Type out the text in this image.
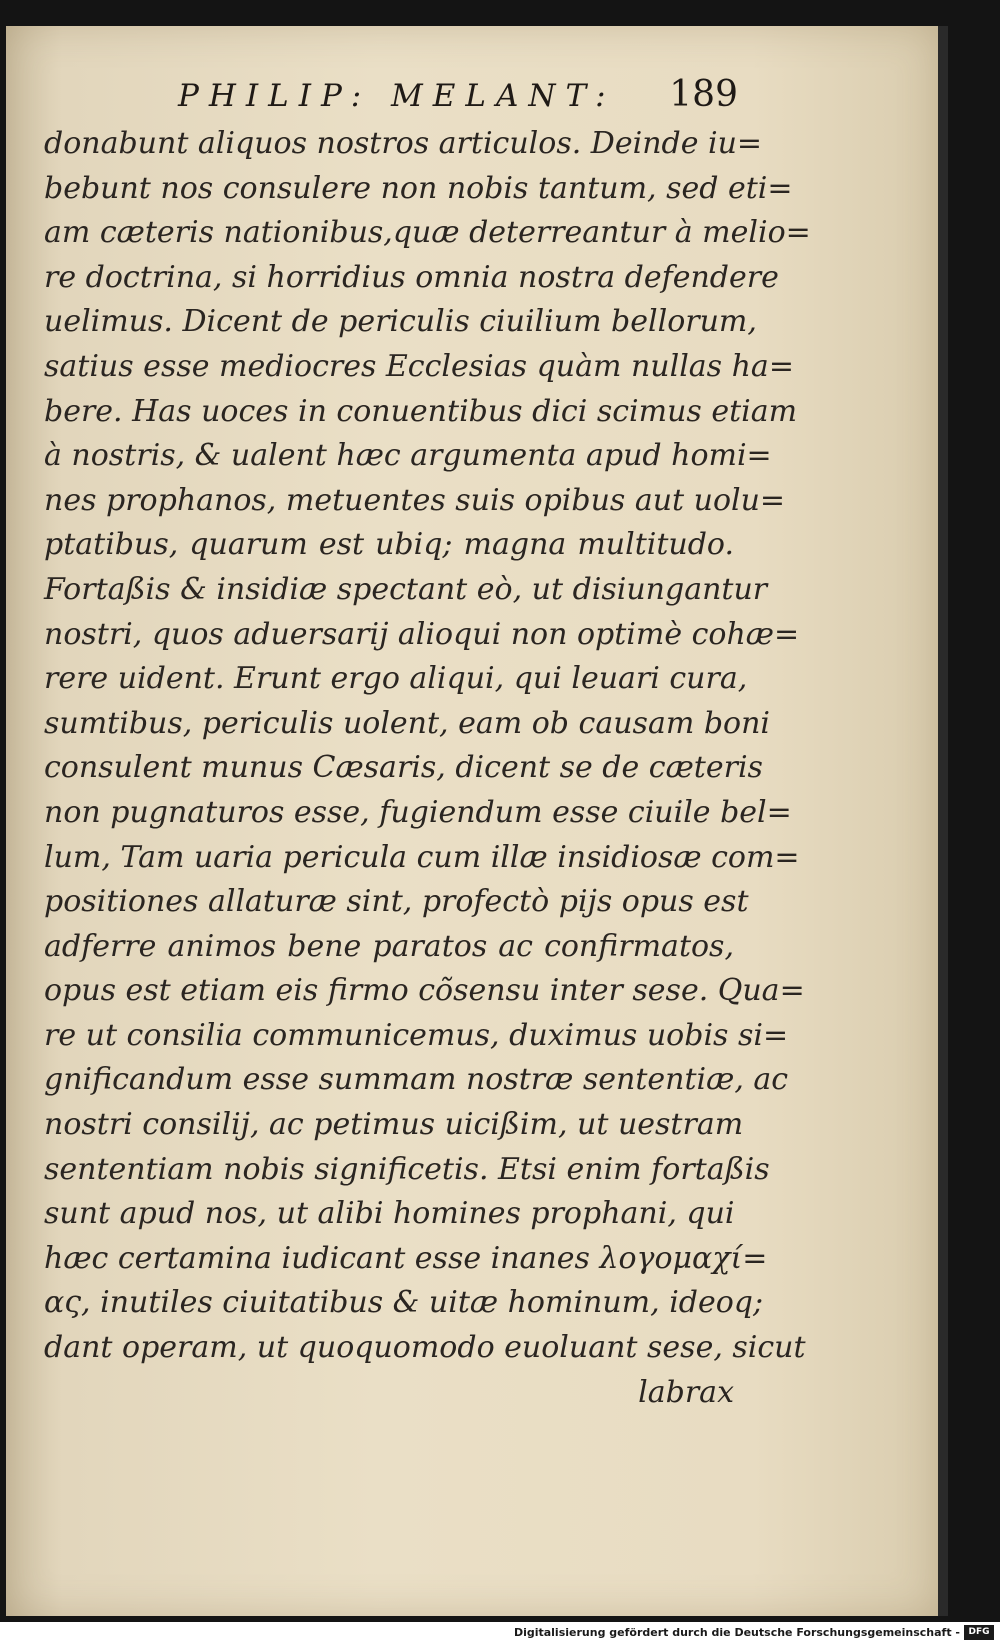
PHILIP: MELANT: 189
donabunt aliquos nostros articulos. Deinde iu=
bebunt nos consulere non nobis tantum, sed eti=
am cæteris nationibus,quæ deterreantur à melio=
re doctrina, si horridius omnia nostra defendere
uelimus. Dicent de periculis ciuilium bellorum,
satius esse mediocres Ecclesias quàm nullas ha=
bere. Has uoces in conuentibus dici scimus etiam
à nostris, & ualent hæc argumenta apud homi=
nes prophanos, metuentes suis opibus aut uolu=
ptatibus, quarum est ubiq; magna multitudo.
Fortaßis & insidiæ spectant eò, ut disiungantur
nostri, quos aduersarij alioqui non optimè cohæ=
rere uident. Erunt ergo aliqui, qui leuari cura,
sumtibus, periculis uolent, eam ob causam boni
consulent munus Cæsaris, dicent se de cæteris
non pugnaturos esse, fugiendum esse ciuile bel=
lum, Tam uaria pericula cum illæ insidiosæ com=
positiones allaturæ sint, profectò pijs opus est
adferre animos bene paratos ac confirmatos,
opus est etiam eis firmo cõsensu inter sese. Qua=
re ut consilia communicemus, duximus uobis si=
gnificandum esse summam nostræ sententiæ, ac
nostri consilij, ac petimus uicißim, ut uestram
sententiam nobis significetis. Etsi enim fortaßis
sunt apud nos, ut alibi homines prophani, qui
hæc certamina iudicant esse inanes λογομαχί=
ας, inutiles ciuitatibus & uitæ hominum, ideoq;
dant operam, ut quoquomodo euoluant sese, sicut
labrax
Digitalisierung gefördert durch die Deutsche Forschungsgemeinschaft - DFG
